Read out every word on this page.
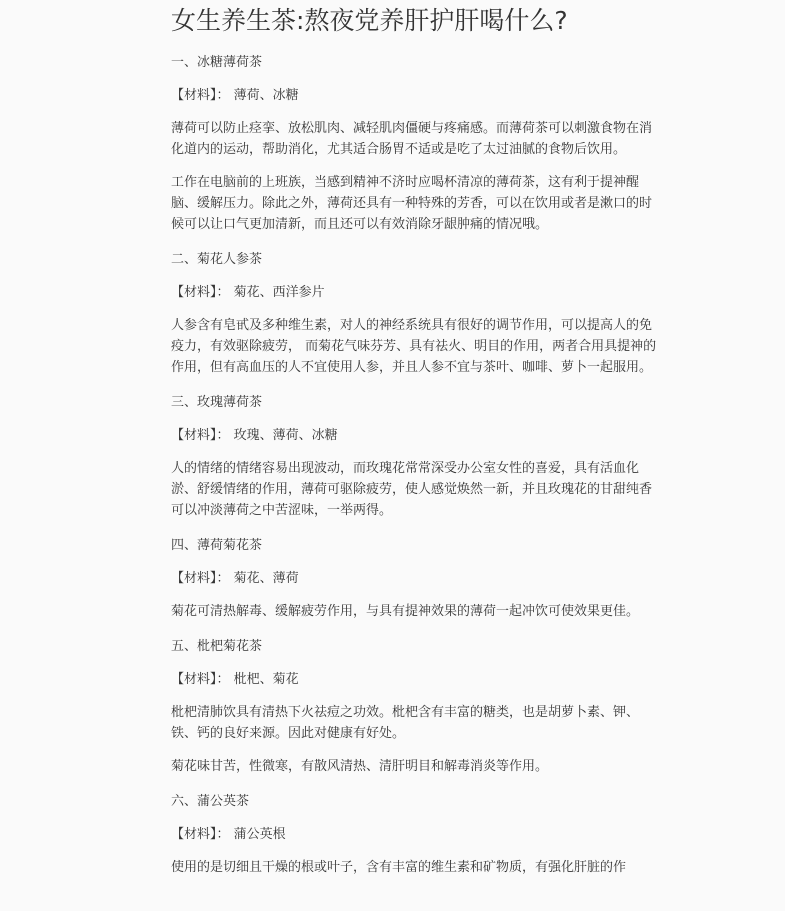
女生养生茶:熬夜党养肝护肝喝什么?

一、冰糖薄荷茶

【材料】： 薄荷、冰糖

薄荷可以防止痉挛、放松肌肉、减轻肌肉僵硬与疼痛感。而薄荷茶可以刺激食物在消化道内的运动，帮助消化，尤其适合肠胃不适或是吃了太过油腻的食物后饮用。

工作在电脑前的上班族，当感到精神不济时应喝杯清凉的薄荷茶，这有利于提神醒脑、缓解压力。除此之外，薄荷还具有一种特殊的芳香，可以在饮用或者是漱口的时候可以让口气更加清新，而且还可以有效消除牙龈肿痛的情况哦。

二、菊花人参茶

【材料】： 菊花、西洋参片

人参含有皂甙及多种维生素，对人的神经系统具有很好的调节作用，可以提高人的免疫力，有效驱除疲劳， 而菊花气味芬芳、具有祛火、明目的作用，两者合用具提神的作用，但有高血压的人不宜使用人参，并且人参不宜与茶叶、咖啡、萝卜一起服用。

三、玫瑰薄荷茶

【材料】： 玫瑰、薄荷、冰糖

人的情绪的情绪容易出现波动，而玫瑰花常常深受办公室女性的喜爱，具有活血化淤、舒缓情绪的作用，薄荷可驱除疲劳，使人感觉焕然一新，并且玫瑰花的甘甜纯香可以冲淡薄荷之中苦涩味，一举两得。

四、薄荷菊花茶

【材料】： 菊花、薄荷

菊花可清热解毒、缓解疲劳作用，与具有提神效果的薄荷一起冲饮可使效果更佳。

五、枇杷菊花茶

【材料】： 枇杷、菊花

枇杷清肺饮具有清热下火祛痘之功效。枇杷含有丰富的糖类，也是胡萝卜素、钾、铁、钙的良好来源。因此对健康有好处。

菊花味甘苦，性微寒，有散风清热、清肝明目和解毒消炎等作用。

六、蒲公英茶

【材料】： 蒲公英根

使用的是切细且干燥的根或叶子，含有丰富的维生素和矿物质，有强化肝脏的作
